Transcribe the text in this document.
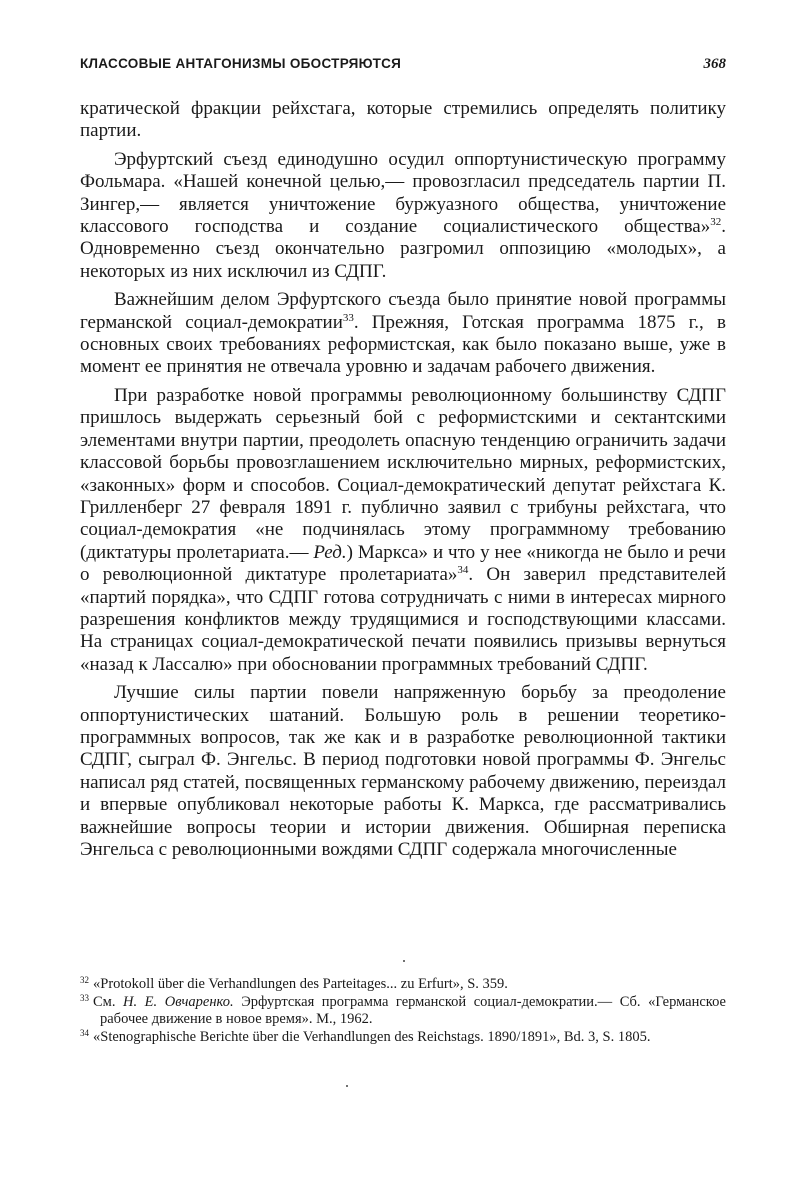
КЛАССОВЫЕ АНТАГОНИЗМЫ ОБОСТРЯЮТСЯ	368

кратической фракции рейхстага, которые стремились определять политику партии.

Эрфуртский съезд единодушно осудил оппортунистическую программу Фольмара. «Нашей конечной целью,— провозгласил председатель партии П. Зингер,— является уничтожение буржуазного общества, уничтожение классового господства и создание социалистического общества»$^{32}$. Одновременно съезд окончательно разгромил оппозицию «молодых», а некоторых из них исключил из СДПГ.

Важнейшим делом Эрфуртского съезда было принятие новой программы германской социал-демократии$^{33}$. Прежняя, Готская программа 1875 г., в основных своих требованиях реформистская, как было показано выше, уже в момент ее принятия не отвечала уровню и задачам рабочего движения.

При разработке новой программы революционному большинству СДПГ пришлось выдержать серьезный бой с реформистскими и сектантскими элементами внутри партии, преодолеть опасную тенденцию ограничить задачи классовой борьбы провозглашением исключительно мирных, реформистских, «законных» форм и способов. Социал-демократический депутат рейхстага К. Грилленберг 27 февраля 1891 г. публично заявил с трибуны рейхстага, что социал-демократия «не подчинялась этому программному требованию (диктатуры пролетариата.— Ред.) Маркса» и что у нее «никогда не было и речи о революционной диктатуре пролетариата»$^{34}$. Он заверил представителей «партий порядка», что СДПГ готова сотрудничать с ними в интересах мирного разрешения конфликтов между трудящимися и господствующими классами. На страницах социал-демократической печати появились призывы вернуться «назад к Лассалю» при обосновании программных требований СДПГ.

Лучшие силы партии повели напряженную борьбу за преодоление оппортунистических шатаний. Большую роль в решении теоретико-программных вопросов, так же как и в разработке революционной тактики СДПГ, сыграл Ф. Энгельс. В период подготовки новой программы Ф. Энгельс написал ряд статей, посвященных германскому рабочему движению, переиздал и впервые опубликовал некоторые работы К. Маркса, где рассматривались важнейшие вопросы теории и истории движения. Обширная переписка Энгельса с революционными вождями СДПГ содержала многочисленные

$^{32}$ «Protokoll über die Verhandlungen des Parteitages... zu Erfurt», S. 359.

$^{33}$ См. Н. Е. Овчаренко. Эрфуртская программа германской социал-демократии.— Сб. «Германское рабочее движение в новое время». М., 1962.

$^{34}$ «Stenographische Berichte über die Verhandlungen des Reichstags. 1890/1891», Bd. 3, S. 1805.
